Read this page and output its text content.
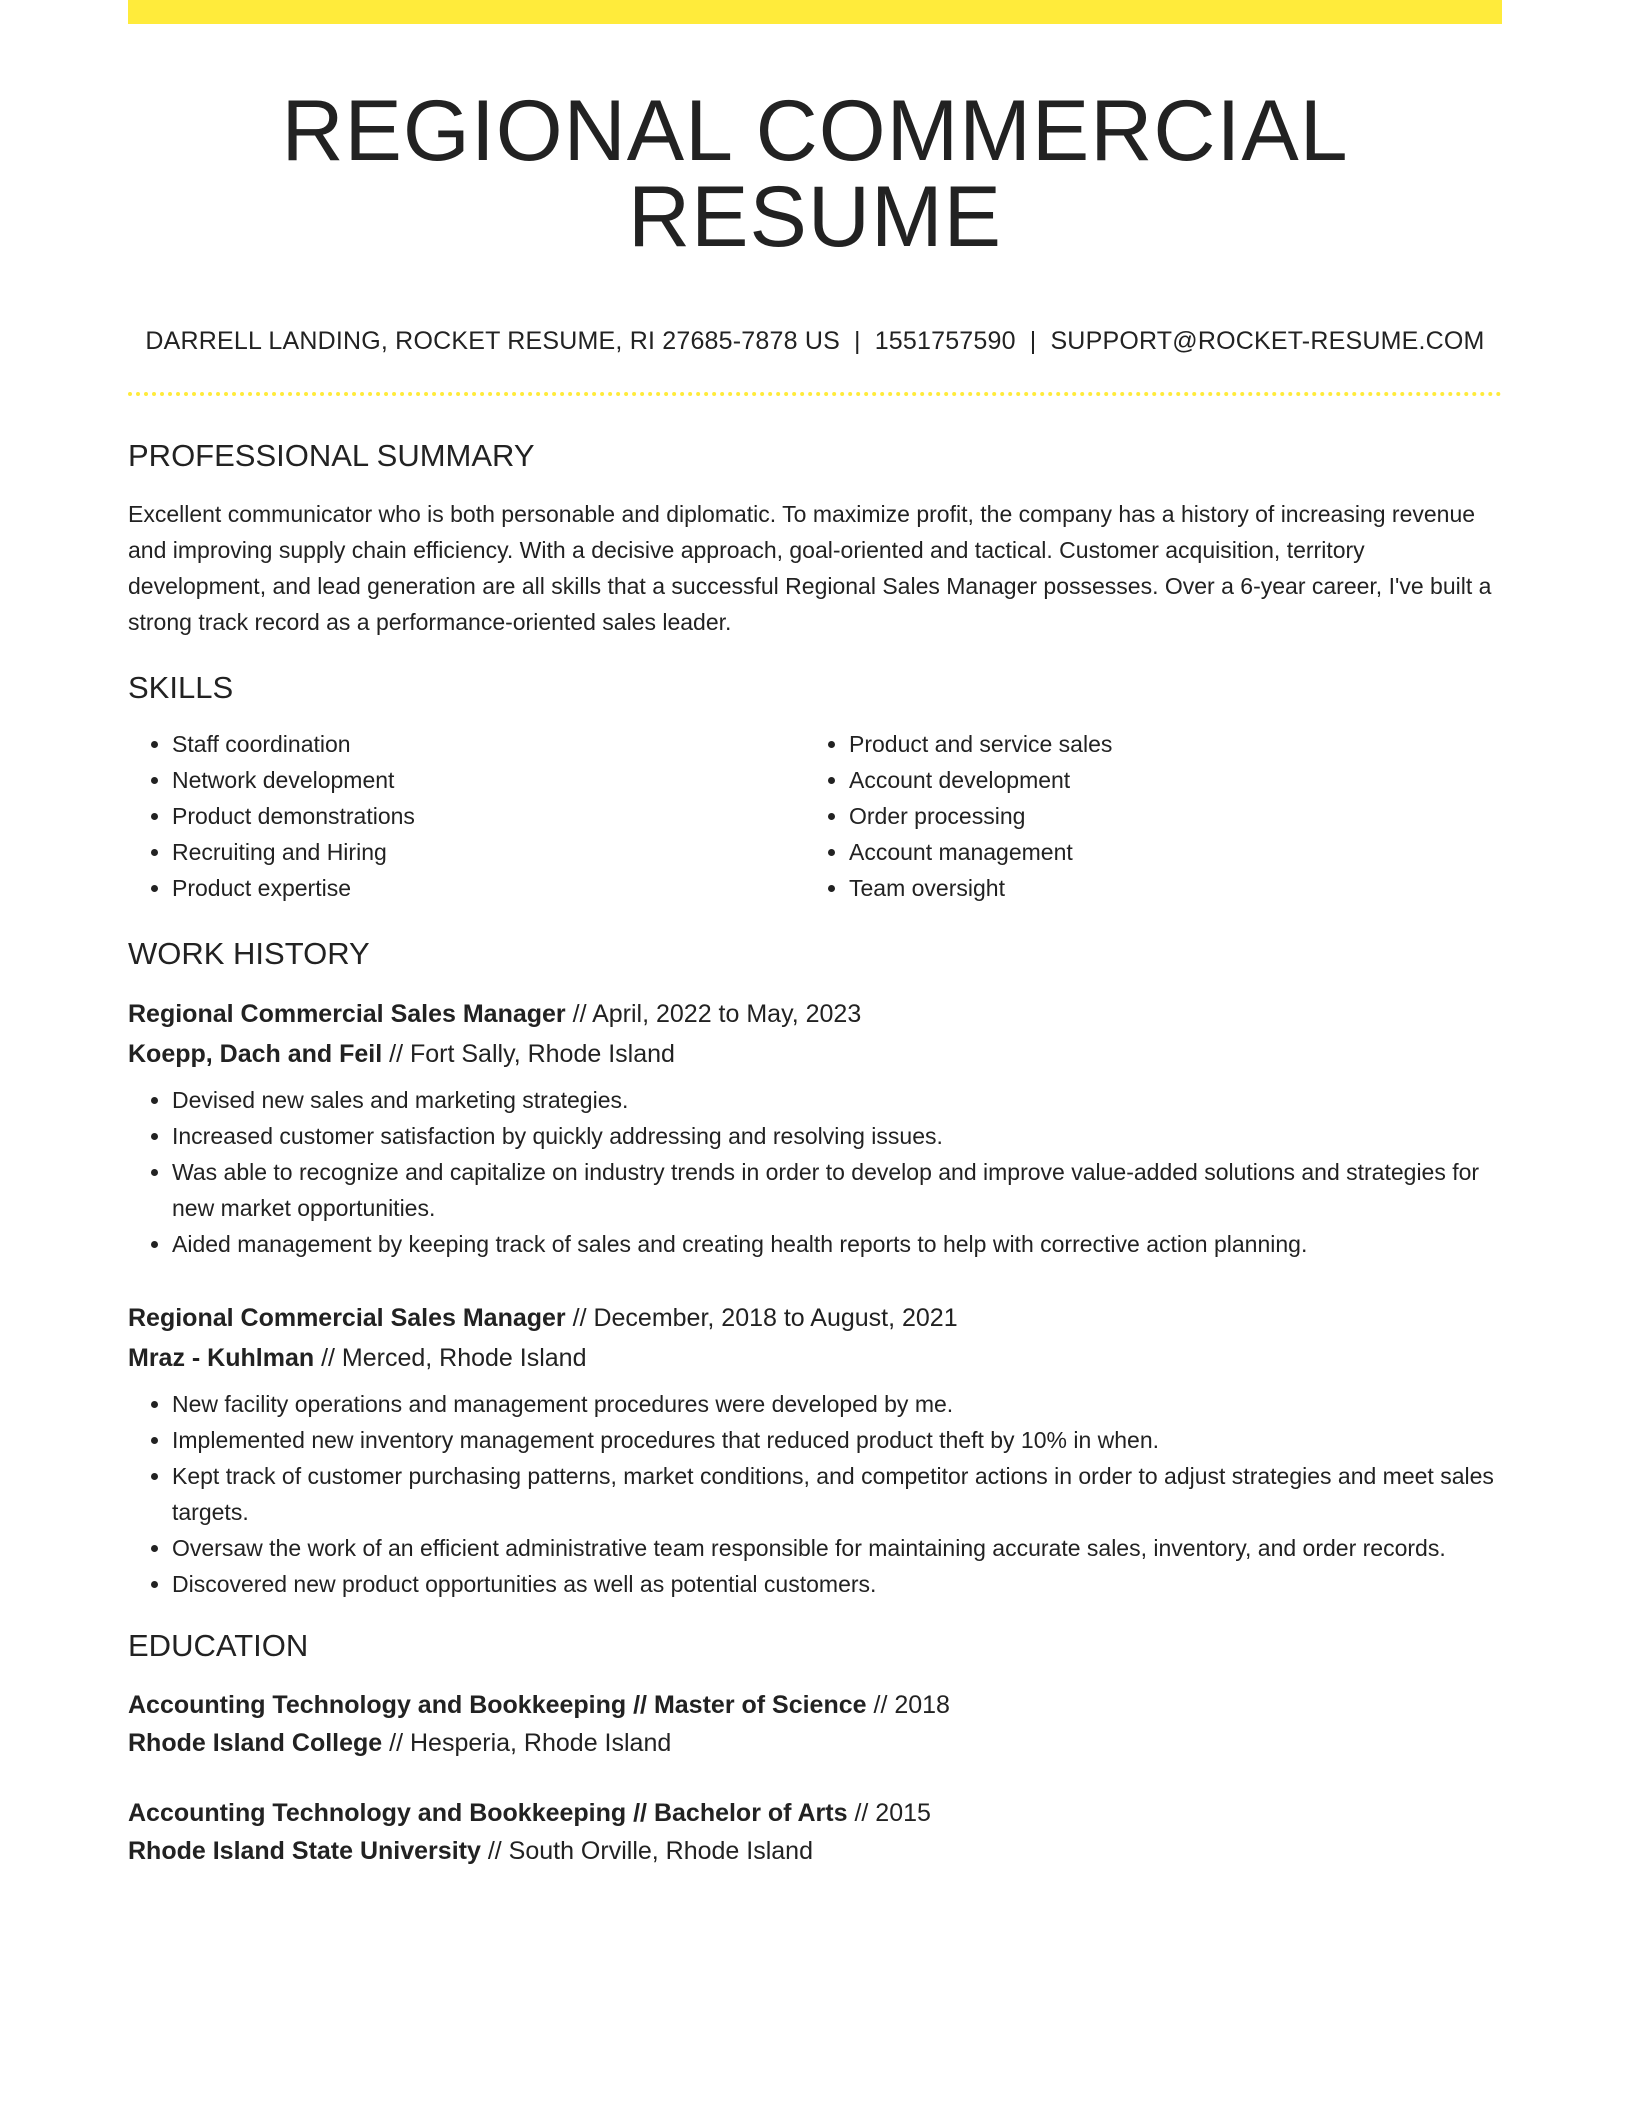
REGIONAL COMMERCIAL RESUME
DARRELL LANDING, ROCKET RESUME, RI 27685-7878 US | 1551757590 | SUPPORT@ROCKET-RESUME.COM
PROFESSIONAL SUMMARY
Excellent communicator who is both personable and diplomatic. To maximize profit, the company has a history of increasing revenue and improving supply chain efficiency. With a decisive approach, goal-oriented and tactical. Customer acquisition, territory development, and lead generation are all skills that a successful Regional Sales Manager possesses. Over a 6-year career, I've built a strong track record as a performance-oriented sales leader.
SKILLS
• Staff coordination
• Network development
• Product demonstrations
• Recruiting and Hiring
• Product expertise
• Product and service sales
• Account development
• Order processing
• Account management
• Team oversight
WORK HISTORY
Regional Commercial Sales Manager // April, 2022 to May, 2023
Koepp, Dach and Feil // Fort Sally, Rhode Island
• Devised new sales and marketing strategies.
• Increased customer satisfaction by quickly addressing and resolving issues.
• Was able to recognize and capitalize on industry trends in order to develop and improve value-added solutions and strategies for new market opportunities.
• Aided management by keeping track of sales and creating health reports to help with corrective action planning.
Regional Commercial Sales Manager // December, 2018 to August, 2021
Mraz - Kuhlman // Merced, Rhode Island
• New facility operations and management procedures were developed by me.
• Implemented new inventory management procedures that reduced product theft by 10% in when.
• Kept track of customer purchasing patterns, market conditions, and competitor actions in order to adjust strategies and meet sales targets.
• Oversaw the work of an efficient administrative team responsible for maintaining accurate sales, inventory, and order records.
• Discovered new product opportunities as well as potential customers.
EDUCATION
Accounting Technology and Bookkeeping // Master of Science // 2018
Rhode Island College // Hesperia, Rhode Island
Accounting Technology and Bookkeeping // Bachelor of Arts // 2015
Rhode Island State University // South Orville, Rhode Island
